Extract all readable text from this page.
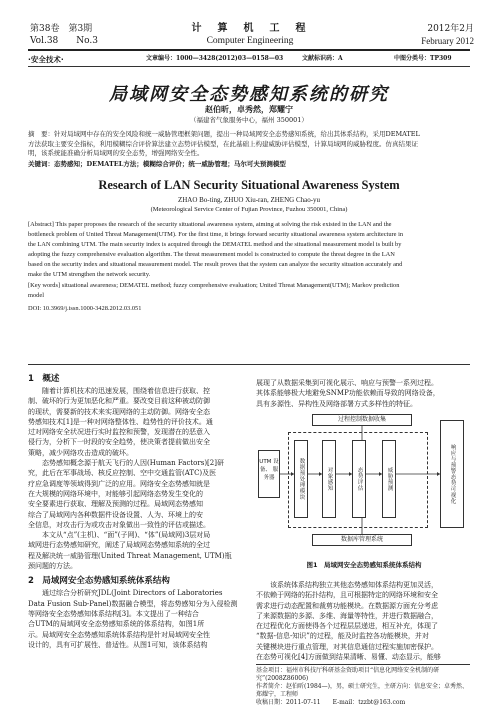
第38卷　第3期
Vol.38　　No.3
计　算　机　工　程
Computer Engineering
2012年2月
February 2012
·安全技术·	文章编号：1000—3428(2012)03—0158—03	文献标识码：A	中图分类号：TP309
局域网安全态势感知系统的研究
赵伯昕，卓秀然，郑耀宁
（福建省气象服务中心，福州 350001）
摘　要：针对局域网中存在的安全风险和统一威胁管理框架问题，提出一种局域网安全态势感知系统，给出其体系结构，采用DEMATEL
方法获取主要安全指标，利用模糊综合评价算法建立态势评估模型，在此基础上构建威胁评估模型，计算局域网的威胁程度。仿真结果证
明，该系统能准确分析局域网的安全态势，增强网络安全性。
关键词：态势感知；DEMATEL方法；模糊综合评价；统一威胁管理；马尔可夫预测模型
Research of LAN Security Situational Awareness System
ZHAO Bo-ting, ZHUO Xiu-ran, ZHENG Chao-yu
(Meteorological Service Center of Fujian Province, Fuzhou 350001, China)
[Abstract] This paper proposes the research of the security situational awareness system, aiming at solving the risk existed in the LAN and the
bottleneck problem of United Threat Management(UTM). For the first time, it brings forward security situational awareness system architecture in
the LAN combining UTM. The main security index is acquired through the DEMATEL method and the situational measurement model is built by
adopting the fuzzy comprehensive evaluation algorithm. The threat measurement model is constructed to compute the threat degree in the LAN
based on the security index and situational measurement model. The result proves that the system can analyze the security situation accurately and
make the UTM strengthen the network security.
[Key words] situational awareness; DEMATEL method; fuzzy comprehensive evaluation; United Threat Management(UTM); Markov prediction
model
DOI: 10.3969/j.issn.1000-3428.2012.03.051
1　概述
　　随着计算机技术的迅速发展，围绕着信息进行获取、控
制、破坏的行为更加恶化和严重。要改变目前这种被动防御
的现状，需要新的技术来实现网络的主动防御。网络安全态
势感知技术[1]是一种对网络整体性、趋势性的评价技术。通
过对网络安全状况进行实时监控和预警，发现潜在的恶意入
侵行为，分析下一时段的安全趋势，使决策者提前做出安全
策略，减少网络攻击造成的破坏。
　　态势感知概念源于航天飞行的人因(Human Factors)[2]研
究，此后在军事战场、核反应控制、空中交通监管(ATC)及医
疗应急调度等领域得到广泛的应用。网络安全态势感知就是
在大规模的网络环境中，对能够引起网络态势发生变化的
安全要素进行获取、理解及预测的过程。局域网态势感知
综合了局域网内各种数据件设备设置、人为、环境上的安
全信息，对攻击行为或攻击对象做出一致性的评估或描述。
　　本文从“点”(主机)、“面”(子网)、“体”(局域网)3层对局
域网进行态势感知研究，阐述了局域网态势感知系统的全过
程及解决统一威胁管理(United Threat Management, UTM)瓶
颈问题的方法。
2　局域网安全态势感知系统体系结构
　　通过综合分析研究JDL(Joint Directors of Laboratories
Data Fusion Sub-Panel)数据融合模型，将态势感知分为入侵检测
等网络安全态势感知体系结构[3]。本文提出了一种结合
合UTM的局域网安全态势感知系统的体系结构，如图1所
示。局域网安全态势感知系统体系结构是针对局域网安全性
设计的，具有可扩展性、普适性。从图1可知，该体系结构
展现了从数据采集到可视化展示、响应与预警一系列过程。
其体系能够极大地避免SNMP功能依赖而导致的网络设备，
具有多源性、异构性及网络部署方式多样性的特征。
过程控制数据收集
UTM 设备、 服务器	数据预处理模块	对象感知	态势评估	威胁预测	响应与预警态势可视化
数据库管理系统
图1　局域网安全态势感知系统体系结构
　　该系统体系结构独立其他态势感知体系结构更加灵活，
不依赖于网络的拓扑结构，且可根据特定的网络环境和安全
需求进行动态配置和裁剪功能模块。在数据源方面充分考虑
了来源数据的多源、多维、海量等特性，并进行数据融合，
在过程优化方面使得各个过程层层递进，相互补充，体现了
“数据-信息-知识”的过程，能及时监控各功能模块，并对
关键模块进行重点管理，对其信息通信过程实施加密保护。
在态势可视化[4]方面做到结果清晰、易懂、动态显示，能够
基金项目：福州市科技厅科研基金资助项目“信息化网络安全机制的研究”(2008Z86006)
作者简介：赵伯昕(1984—)，男，硕士研究生，主研方向：信息安全；卓秀然、郑耀宁，工程师
收稿日期：2011-07-11　　E-mail：tzzbt@163.com
